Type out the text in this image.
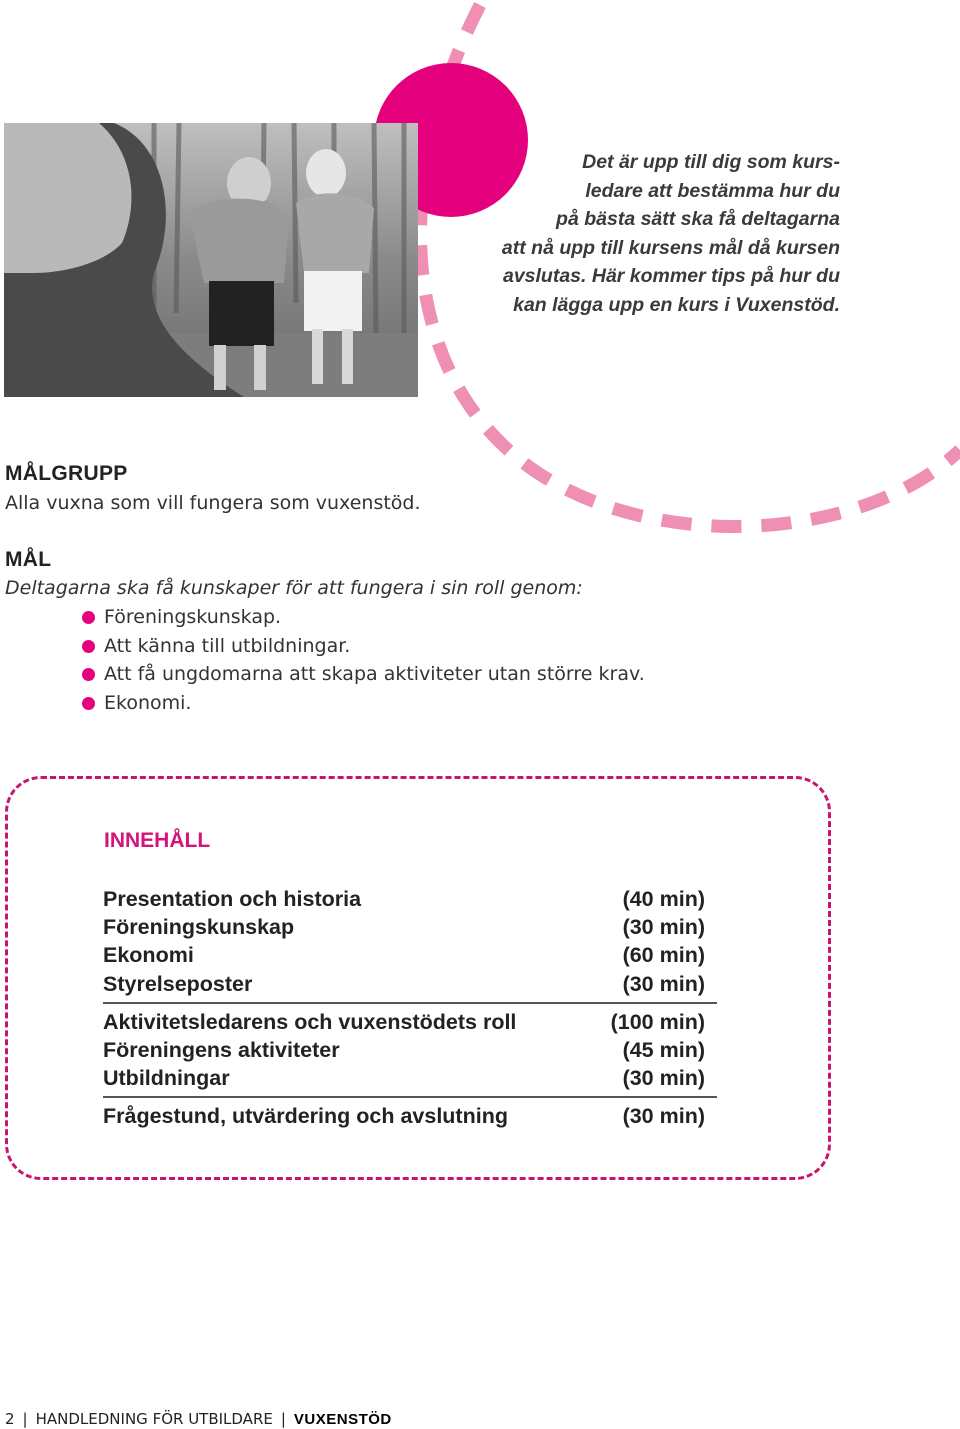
Det är upp till dig som kurs-
ledare att bestämma hur du
på bästa sätt ska få deltagarna
att nå upp till kursens mål då kursen
avslutas. Här kommer tips på hur du
kan lägga upp en kurs i Vuxenstöd.
MÅLGRUPP
Alla vuxna som vill fungera som vuxenstöd.
MÅL
Deltagarna ska få kunskaper för att fungera i sin roll genom:
Föreningskunskap.
Att känna till utbildningar.
Att få ungdomarna att skapa aktiviteter utan större krav.
Ekonomi.
INNEHÅLL
Presentation och historia	(40 min)
Föreningskunskap	(30 min)
Ekonomi	(60 min)
Styrelseposter	(30 min)
Aktivitetsledarens och vuxenstödets roll	(100 min)
Föreningens aktiviteter	(45 min)
Utbildningar	(30 min)
Frågestund, utvärdering och avslutning	(30 min)
2 | HANDLEDNING FÖR UTBILDARE | VUXENSTÖD
